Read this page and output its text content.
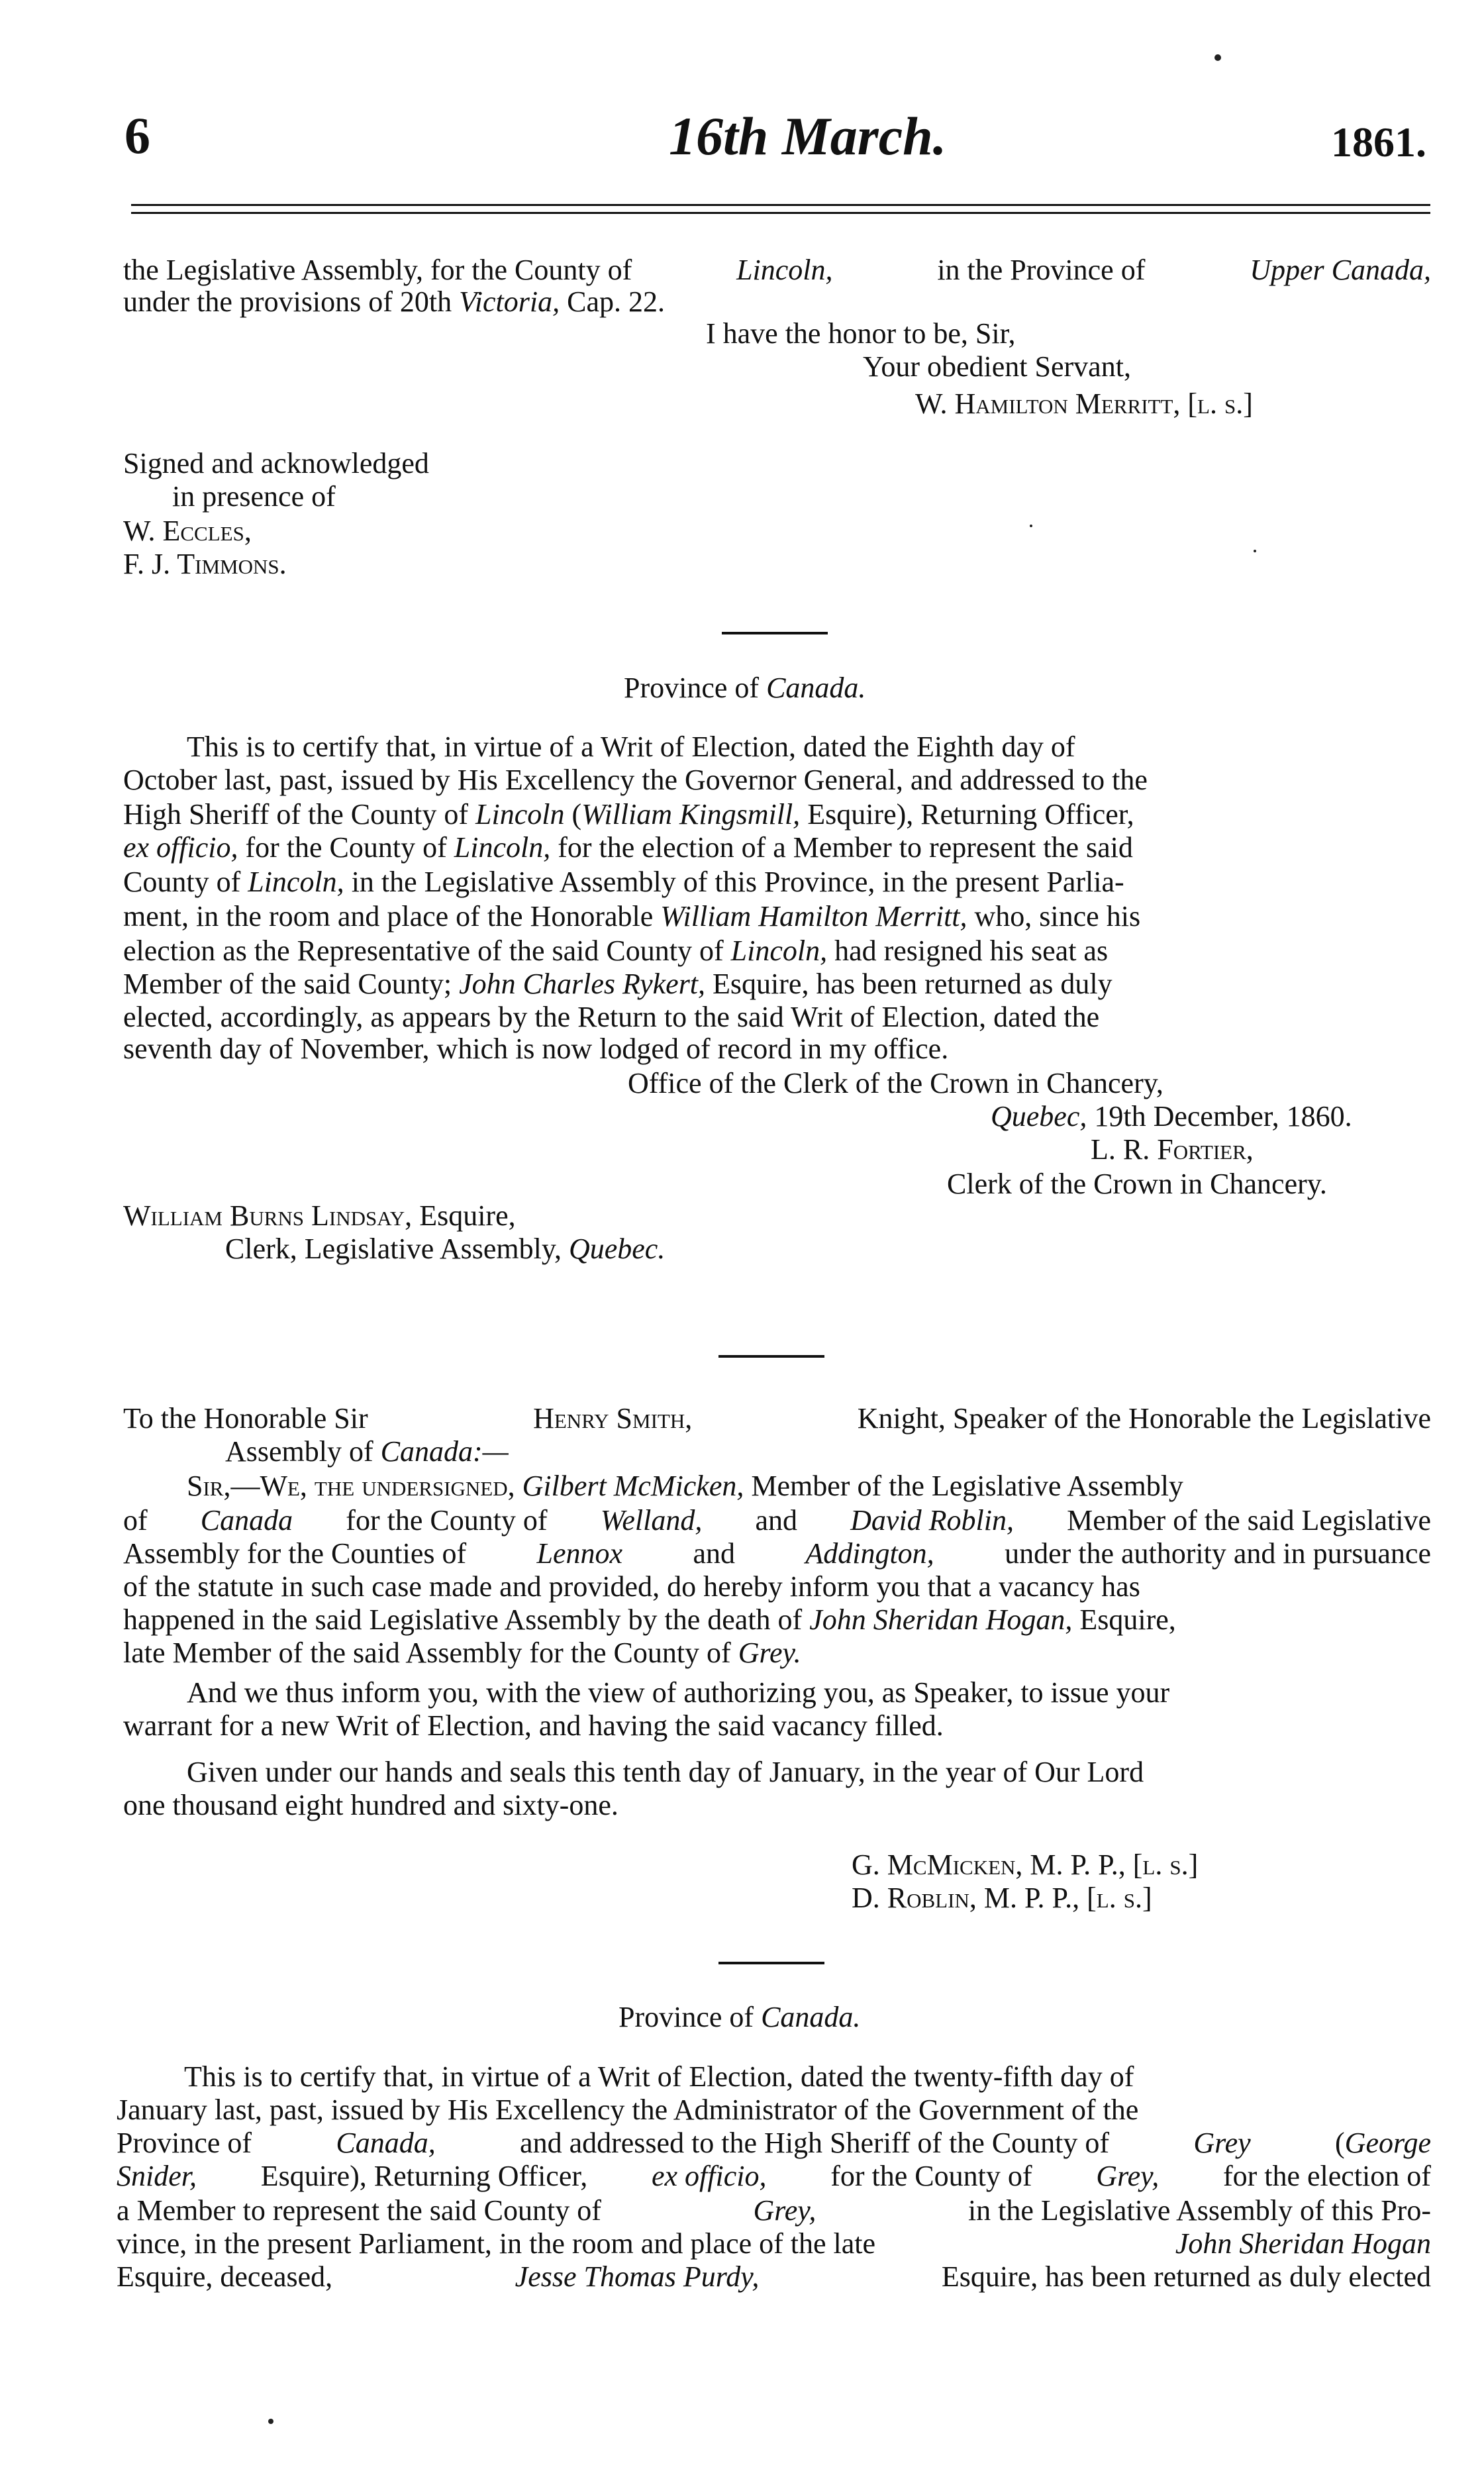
6	16th March.	1861.
the Legislative Assembly, for the County of	Lincoln,	in the Province of	Upper Canada,
under the provisions of 20th Victoria, Cap. 22.
I have the honor to be, Sir,
Your obedient Servant,
W. Hamilton Merritt, [l. s.]
Signed and acknowledged
in presence of
W. Eccles,
F. J. Timmons.
Province of Canada.
This is to certify that, in virtue of a Writ of Election, dated the Eighth day of
October last, past, issued by His Excellency the Governor General, and addressed to the
High Sheriff of the County of Lincoln (William Kingsmill, Esquire), Returning Officer,
ex officio, for the County of Lincoln, for the election of a Member to represent the said
County of Lincoln, in the Legislative Assembly of this Province, in the present Parlia-
ment, in the room and place of the Honorable William Hamilton Merritt, who, since his
election as the Representative of the said County of Lincoln, had resigned his seat as
Member of the said County; John Charles Rykert, Esquire, has been returned as duly
elected, accordingly, as appears by the Return to the said Writ of Election, dated the
seventh day of November, which is now lodged of record in my office.
Office of the Clerk of the Crown in Chancery,
Quebec, 19th December, 1860.
L. R. Fortier,
Clerk of the Crown in Chancery.
William Burns Lindsay, Esquire,
Clerk, Legislative Assembly, Quebec.
To the Honorable Sir	Henry Smith,	Knight, Speaker of the Honorable the Legislative
Assembly of Canada:—
Sir,—We, the undersigned, Gilbert McMicken, Member of the Legislative Assembly
of Canada for the County of Welland, and David Roblin, Member of the said Legislative
Assembly for the Counties of Lennox and Addington, under the authority and in pursuance
of the statute in such case made and provided, do hereby inform you that a vacancy has
happened in the said Legislative Assembly by the death of John Sheridan Hogan, Esquire,
late Member of the said Assembly for the County of Grey.
And we thus inform you, with the view of authorizing you, as Speaker, to issue your
warrant for a new Writ of Election, and having the said vacancy filled.
Given under our hands and seals this tenth day of January, in the year of Our Lord
one thousand eight hundred and sixty-one.
G. McMicken, M. P. P., [l. s.]
D. Roblin, M. P. P., [l. s.]
Province of Canada.
This is to certify that, in virtue of a Writ of Election, dated the twenty-fifth day of
January last, past, issued by His Excellency the Administrator of the Government of the
Province of	Canada,	and addressed to the High Sheriff of the County of	Grey	(George
Snider, Esquire), Returning Officer, ex officio, for the County of Grey, for the election of
a Member to represent the said County of	Grey,	in the Legislative Assembly of this Pro-
vince, in the present Parliament, in the room and place of the late	John Sheridan Hogan
Esquire, deceased,	Jesse Thomas Purdy,	Esquire, has been returned as duly elected
